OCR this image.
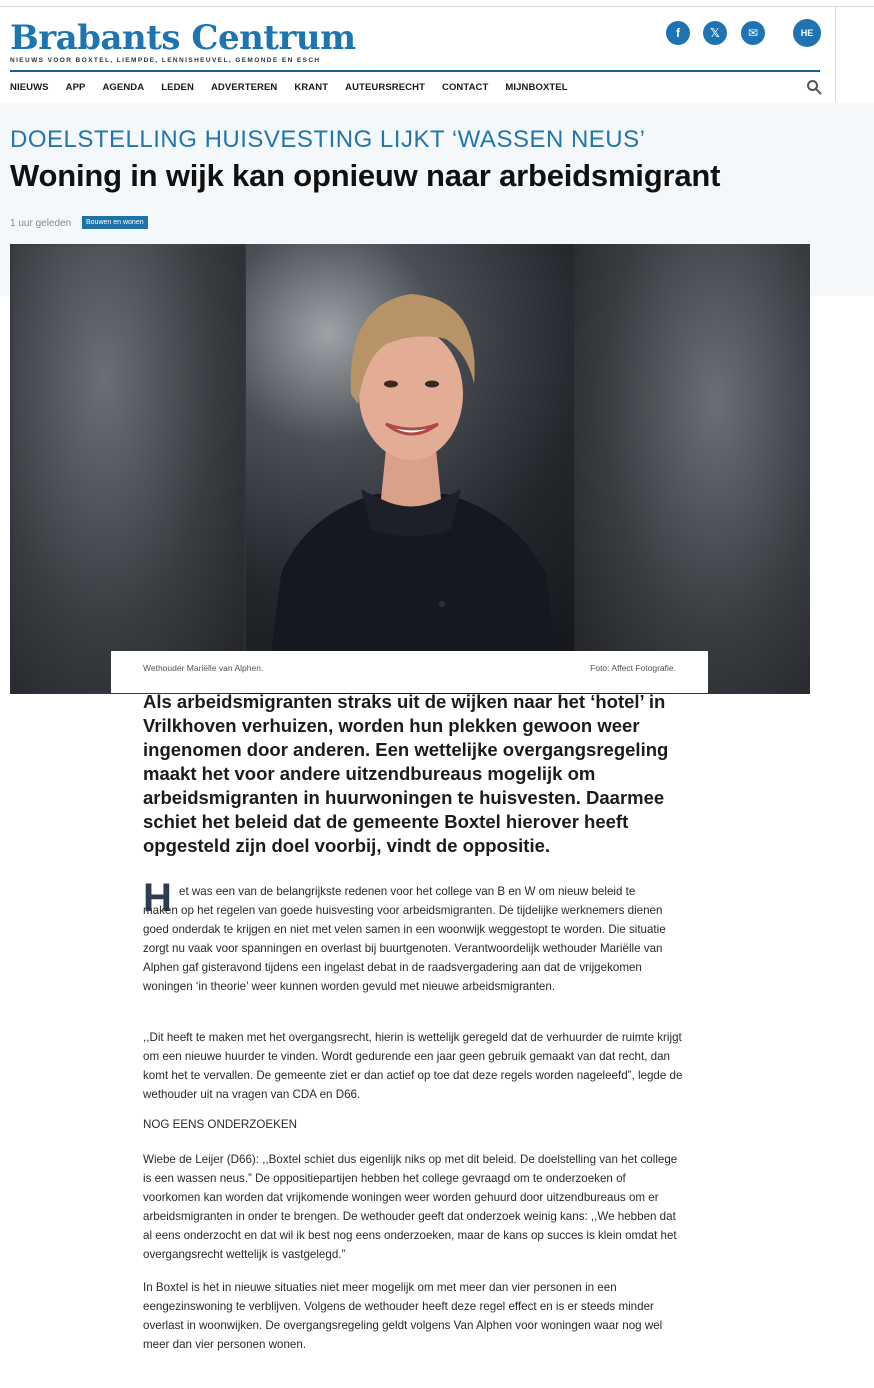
Brabants Centrum
NIEUWS VOOR BOXTEL, LIEMPDE, LENNISHEUVEL, GEMONDE EN ESCH
f	𝕏	✉	HE
NIEUWS APP AGENDA LEDEN ADVERTEREN KRANT AUTEURSRECHT CONTACT MIJNBOXTEL
DOELSTELLING HUISVESTING LIJKT ‘WASSEN NEUS’
Woning in wijk kan opnieuw naar arbeidsmigrant
1 uur geleden	Bouwen en wonen
Wethouder Mariëlle van Alphen.	Foto: Affect Fotografie.

Als arbeidsmigranten straks uit de wijken naar het ‘hotel’ in Vrilkhoven verhuizen, worden hun plekken gewoon weer ingenomen door anderen. Een wettelijke overgangsregeling maakt het voor andere uitzendbureaus mogelijk om arbeidsmigranten in huurwoningen te huisvesten. Daarmee schiet het beleid dat de gemeente Boxtel hierover heeft opgesteld zijn doel voorbij, vindt de oppositie.

H et was een van de belangrijkste redenen voor het college van B en W om nieuw beleid te
maken op het regelen van goede huisvesting voor arbeidsmigranten. De tijdelijke werknemers dienen goed onderdak te krijgen en niet met velen samen in een woonwijk weggestopt te worden. Die situatie zorgt nu vaak voor spanningen en overlast bij buurtgenoten. Verantwoordelijk wethouder Mariëlle van Alphen gaf gisteravond tijdens een ingelast debat in de raadsvergadering aan dat de vrijgekomen woningen ‘in theorie’ weer kunnen worden gevuld met nieuwe arbeidsmigranten.

,,Dit heeft te maken met het overgangsrecht, hierin is wettelijk geregeld dat de verhuurder de ruimte krijgt om een nieuwe huurder te vinden. Wordt gedurende een jaar geen gebruik gemaakt van dat recht, dan komt het te vervallen. De gemeente ziet er dan actief op toe dat deze regels worden nageleefd”, legde de wethouder uit na vragen van CDA en D66.

NOG EENS ONDERZOEKEN

Wiebe de Leijer (D66): ,,Boxtel schiet dus eigenlijk niks op met dit beleid. De doelstelling van het college is een wassen neus.” De oppositiepartijen hebben het college gevraagd om te onderzoeken of voorkomen kan worden dat vrijkomende woningen weer worden gehuurd door uitzendbureaus om er arbeidsmigranten in onder te brengen. De wethouder geeft dat onderzoek weinig kans: ,,We hebben dat al eens onderzocht en dat wil ik best nog eens onderzoeken, maar de kans op succes is klein omdat het overgangsrecht wettelijk is vastgelegd.”

In Boxtel is het in nieuwe situaties niet meer mogelijk om met meer dan vier personen in een eengezinswoning te verblijven. Volgens de wethouder heeft deze regel effect en is er steeds minder overlast in woonwijken. De overgangsregeling geldt volgens Van Alphen voor woningen waar nog wel meer dan vier personen wonen.
